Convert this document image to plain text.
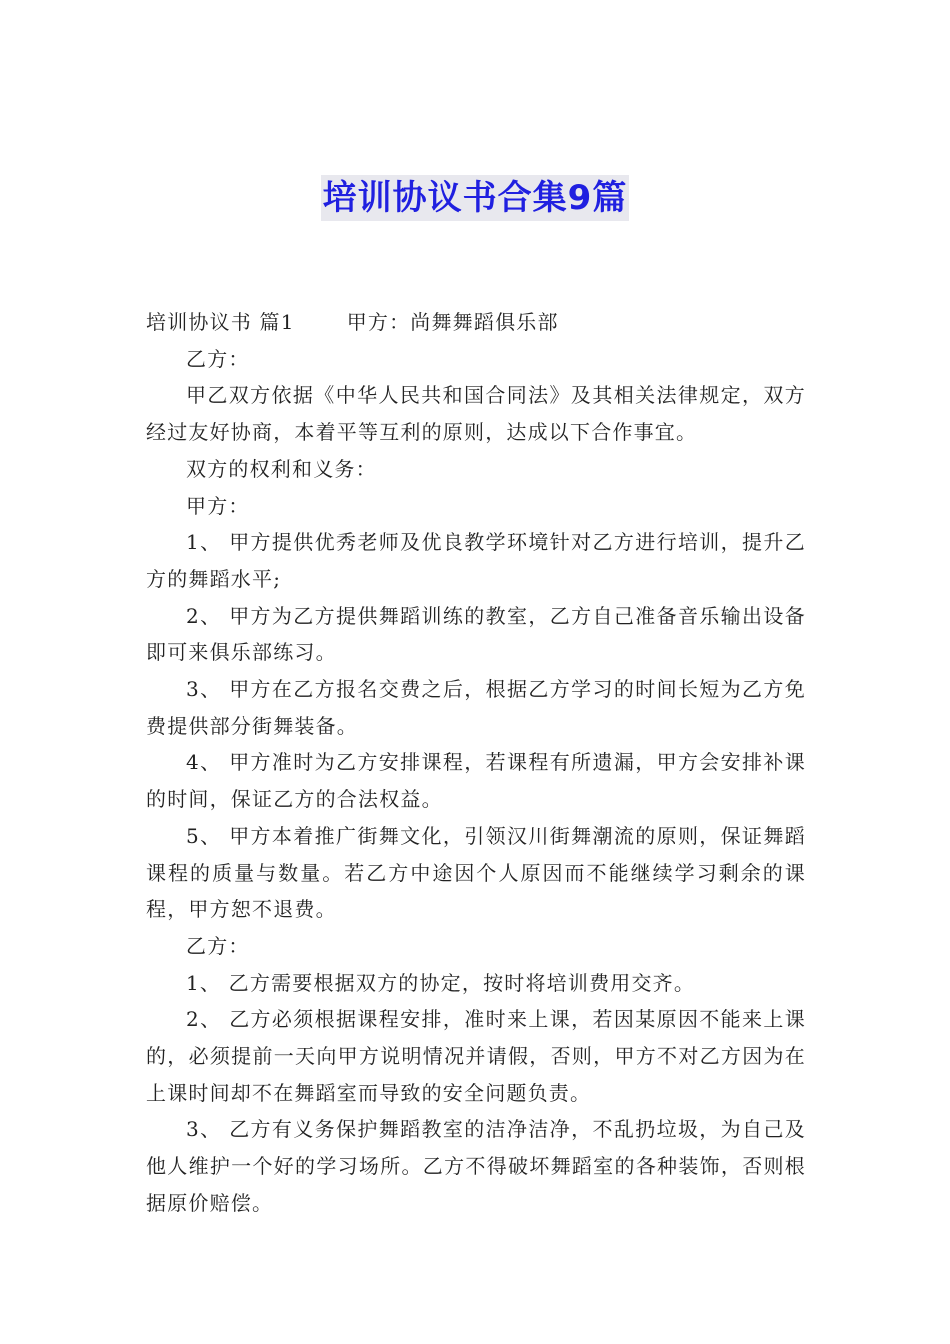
培训协议书合集9篇

培训协议书 篇1	甲方：尚舞舞蹈俱乐部

乙方：

甲乙双方依据《中华人民共和国合同法》及其相关法律规定，双方经过友好协商，本着平等互利的原则，达成以下合作事宜。

双方的权利和义务：

甲方：

1、 甲方提供优秀老师及优良教学环境针对乙方进行培训，提升乙方的舞蹈水平;

2、 甲方为乙方提供舞蹈训练的教室，乙方自己准备音乐输出设备即可来俱乐部练习。

3、 甲方在乙方报名交费之后，根据乙方学习的时间长短为乙方免费提供部分街舞装备。

4、 甲方准时为乙方安排课程，若课程有所遗漏，甲方会安排补课的时间，保证乙方的合法权益。

5、 甲方本着推广街舞文化，引领汉川街舞潮流的原则，保证舞蹈课程的质量与数量。若乙方中途因个人原因而不能继续学习剩余的课程，甲方恕不退费。

乙方：

1、 乙方需要根据双方的协定，按时将培训费用交齐。

2、 乙方必须根据课程安排，准时来上课，若因某原因不能来上课的，必须提前一天向甲方说明情况并请假，否则，甲方不对乙方因为在上课时间却不在舞蹈室而导致的安全问题负责。

3、 乙方有义务保护舞蹈教室的洁净洁净，不乱扔垃圾，为自己及他人维护一个好的学习场所。乙方不得破坏舞蹈室的各种装饰，否则根据原价赔偿。
